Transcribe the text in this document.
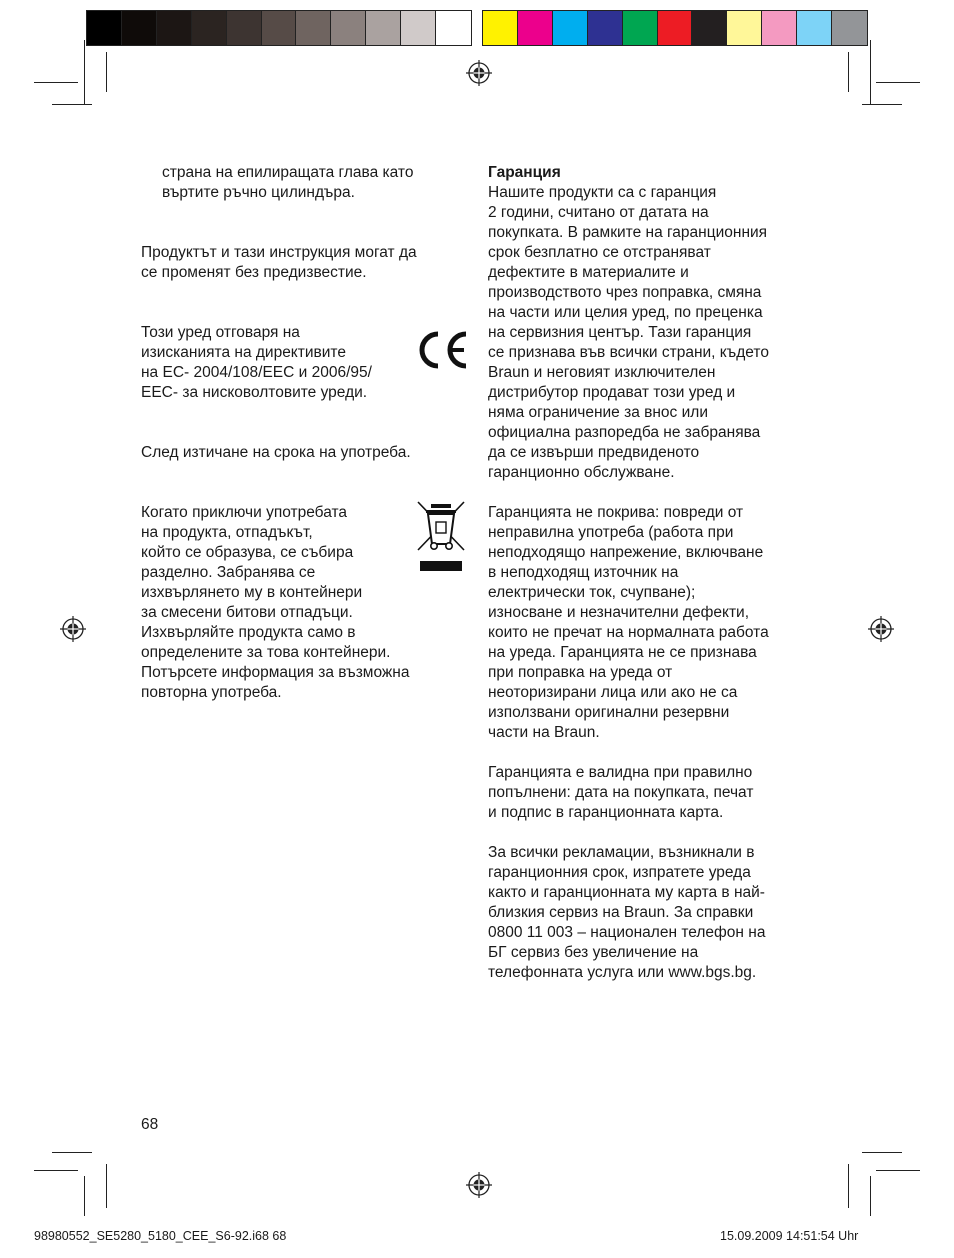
страна на епилиращата глава като
въртите ръчно цилиндъра.
Продуктът и тази инструкция могат да
се променят без предизвестие.
Този уред отговаря на
изисканията на директивите
на ЕС- 2004/108/EEC и 2006/95/
EEC- за нисковолтовите уреди.
След изтичане на срока на употреба.
Когато приключи употребата
на продукта, отпадъкът,
който се образува, се събира
разделно. Забранява се
изхвърлянето му в контейнери
за смесени битови отпадъци.
Изхвърляйте продукта само в
определените за това контейнери.
Потърсете информация за възможна
повторна употреба.
Гаранция
Нашите продукти са с гаранция
2 години, считано от датата на
покупката. В рамките на гаранционния
срок безплатно се отстраняват
дефектите в материалите и
производството чрез поправка, смяна
на части или целия уред, по преценка
на сервизния център. Тази гаранция
се признава във всички страни, където
Braun и неговият изключителен
дистрибутор продават този уред и
няма ограничение за внос или
официална разпоредба не забранява
да се извърши предвиденото
гаранционно обслужване.
Гаранцията не покрива: повреди от
неправилна употреба (работа при
неподходящо напрежение, включване
в неподходящ източник на
електрически ток, счупване);
износване и незначителни дефекти,
които не пречат на нормалната работа
на уреда. Гаранцията не се признава
при поправка на уреда от
неоторизирани лица или ако не са
използвани оригинални резервни
части на Braun.
Гаранцията е валидна при правилно
попълнени: дата на покупката, печат
и подпис в гаранционната карта.
За всички рекламации, възникнали в
гаранционния срок, изпратете уреда
както и гаранционната му карта в най-
близкия сервиз на Braun. За справки
0800 11 003 – национален телефон на
БГ сервиз без увеличение на
телефонната услуга или www.bgs.bg.
68
98980552_SE5280_5180_CEE_S6-92.i68 68	15.09.2009 14:51:54 Uhr
